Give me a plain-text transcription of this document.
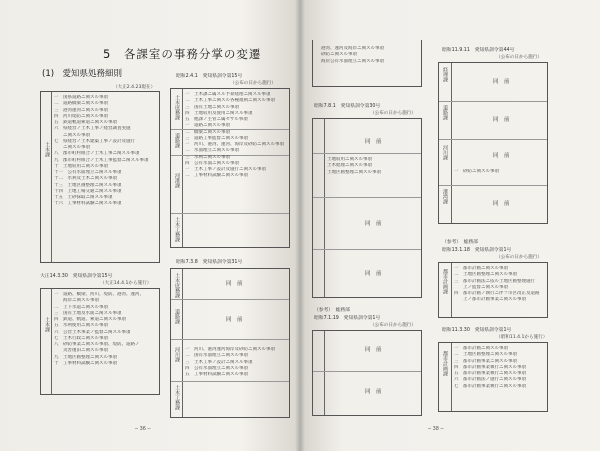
5　各課室の事務分掌の変遷
(1)　愛知県処務細則
（大正2.4.23現在）
土木課
一　国県道路ニ関スル事項
二　道路橋梁ニ関スル事項
三　港湾運河ニ関スル事項
四　河川堤防ニ関スル事項
五　鉄道軌道索道ニ関スル事項
六　県経営ノ土木工事ノ経営調査実施
　　ニ関スル事項
七　県経営ノ土木建築工事ノ設計及施行
　　ニ関スル事項
八　郡市町村組合ノ土木工事ニ関スル事項
九　郡市町村組合ノ土木工事監督ニ関スル事項
十　土地収用ニ関スル事項
十一　公有水面埋立ニ関スル事項
十二　水利及土木ニ関スル事項
十三　土地区画整理ニ関スル事項
十四　上地工場交通ニ関スル事項
十五　土砂採取ニ関スル事項
十六　工事材料試験ニ関スル事項
昭和2.4.1　愛知県訓令第15号
（公布の日から施行）
土木庶務課
道路課
河港課
土木工務課
一　土木課ニ属スル予算経理ニ関スル事項
二　土木工事ニ関スル各種規則ニ関スル事項
三　国有土地ニ関スル事項
四　土地収用及使用ニ関スル事項
五　他課ノ主管ニ属セサル事項
一　道路ニ関スル事項
二　橋梁ニ関スル事項
三　道路工事監督ニ関スル事項
一　河川、港湾、運河、海岸及砂防ニ関スル事項
二　水面埋立ニ関スル事項
三　水利ニ関スル事項
四　公有水面ニ関スル事項
一　土木工事ノ設計及施行ニ関スル事項
二　工事材料試験ニ関スル事項
大正14.3.30　愛知県訓令第15号
（大正14.4.1から施行）
土木課
一　道路、橋梁、河川、堤防、港湾、運河、
　　海岸ニ関スル事項
二　上下水道ニ関スル事項
三　国有土地及水面ニ関スル事項
四　鉄道、軌道、索道ニ関スル事項
五　水利使用ニ関スル事項
六　公営土木事業ノ監督ニ関スル事項
七　土木行政ニ関スル事項
八　砂防事業ニ関スル事項、堤防、道路ノ
　　災害復旧ニ関スル事項
九　土地区画整理ニ関スル事項
十　工事材料試験ニ関スル事項
昭和7.3.8　愛知県訓令第31号
土木庶務課
道路課
河川課
土木工務課
同　前
同　前
一　河川、港湾運河海岸及砂防ニ関スル事項
二　国有水面埋立ニ関スル事項
三　土木工事ノ設計ニ関スル事項
四　公有水面埋立ニ関スル事項
五　工事材料試験ニ関スル事項
─ 36 ─
港湾、運河及海岸ニ関スル事項
砂防ニ関スル事項
海岸公有水面埋立ニ関スル事項
昭和7.8.1　愛知県訓令第30号
（公布の日から施行）
同　前
土地収用ニ関スル事項
土木経理ニ関スル事項
土地区画整理ニ関スル事項
同　前
同　前
（参考）　総務部
昭和7.1.19　愛知県訓令第1号
（公布の日から施行）
同　前
同　前
昭和11.9.11　愛知県訓令第44号
（公布の日から施行）
経理課
道路課
河川課
港湾課
同　前
同　前
同　前
一　砂防ニ関スル事項
同　前
（参考）　総務部
昭和13.1.18　愛知県訓令第1号
（公布の日から施行）
都市計画課
一　都市計画ニ関スル事項
二　土地区画整理ニ関スル事項
三　都市計画法ニ依ル土地区画整理施行
　　上ノ監督ニ関スル事項
四　都市計画ノ執行ニ伴フ市区改正及道路
　　上ノ都市計画事業ニ関スル事項
昭和11.3.30　愛知県訓令第1号
（昭和11.4.1から施行）
都市計画課
一　都市計画ニ関スル事項
二　土地区画整理ニ関スル事項
三　都市計画事業ニ関スル事項
四　都市計画事業執行ニ関スル事項
五　都市計画事業執行ニ関スル事項
六　都市計画法ノ施行ニ関スル事項
七　都市計画事業執行ニ関スル事項
─ 38 ─
